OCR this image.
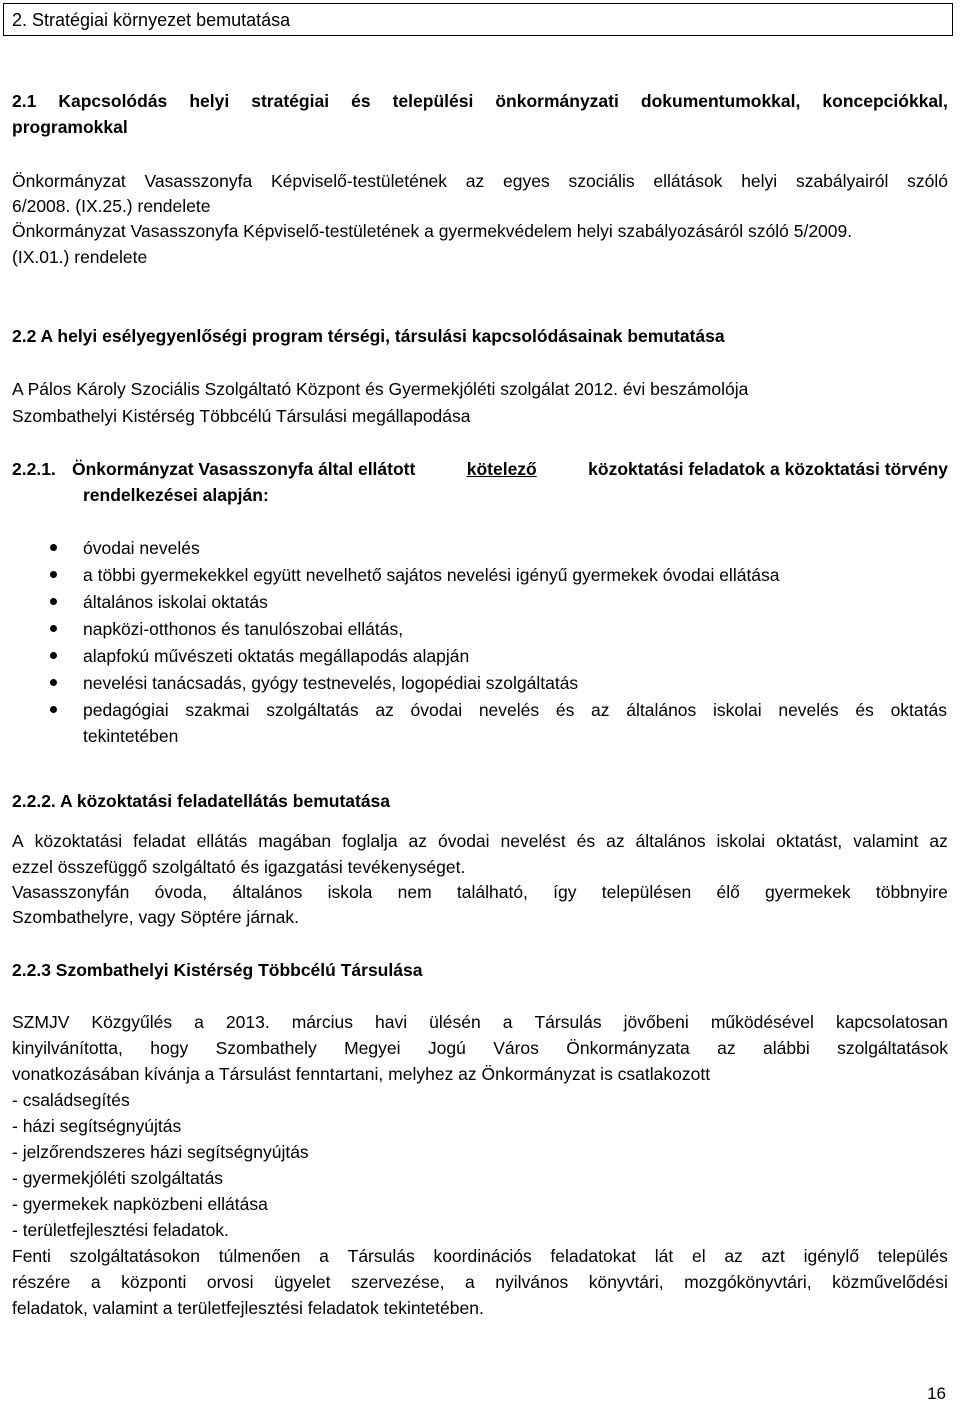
2. Stratégiai környezet bemutatása
2.1 Kapcsolódás helyi stratégiai és települési önkormányzati dokumentumokkal, koncepciókkal,
programokkal
Önkormányzat Vasasszonyfa Képviselő-testületének az egyes szociális ellátások helyi szabályairól szóló
6/2008. (IX.25.) rendelete
Önkormányzat Vasasszonyfa Képviselő-testületének a gyermekvédelem helyi szabályozásáról szóló 5/2009.
(IX.01.) rendelete
2.2 A helyi esélyegyenlőségi program térségi, társulási kapcsolódásainak bemutatása
A Pálos Károly Szociális Szolgáltató Központ és Gyermekjóléti szolgálat 2012. évi beszámolója
Szombathelyi Kistérség Többcélú Társulási megállapodása
2.2.1. Önkormányzat Vasasszonyfa által ellátott	kötelező	közoktatási feladatok a közoktatási törvény
rendelkezései alapján:
óvodai nevelés
a többi gyermekekkel együtt nevelhető sajátos nevelési igényű gyermekek óvodai ellátása
általános iskolai oktatás
napközi-otthonos és tanulószobai ellátás,
alapfokú művészeti oktatás megállapodás alapján
nevelési tanácsadás, gyógy testnevelés, logopédiai szolgáltatás
pedagógiai szakmai szolgáltatás az óvodai nevelés és az általános iskolai nevelés és oktatás
tekintetében
2.2.2. A közoktatási feladatellátás bemutatása
A közoktatási feladat ellátás magában foglalja az óvodai nevelést és az általános iskolai oktatást, valamint az
ezzel összefüggő szolgáltató és igazgatási tevékenységet.
Vasasszonyfán óvoda, általános iskola nem található, így településen élő gyermekek többnyire
Szombathelyre, vagy Söptére járnak.
2.2.3 Szombathelyi Kistérség Többcélú Társulása
SZMJV Közgyűlés a 2013. március havi ülésén a Társulás jövőbeni működésével kapcsolatosan
kinyilvánította, hogy Szombathely Megyei Jogú Város Önkormányzata az alábbi szolgáltatások
vonatkozásában kívánja a Társulást fenntartani, melyhez az Önkormányzat is csatlakozott
- családsegítés
- házi segítségnyújtás
- jelzőrendszeres házi segítségnyújtás
- gyermekjóléti szolgáltatás
- gyermekek napközbeni ellátása
- területfejlesztési feladatok.
Fenti szolgáltatásokon túlmenően a Társulás koordinációs feladatokat lát el az azt igénylő település
részére a központi orvosi ügyelet szervezése, a nyilvános könyvtári, mozgókönyvtári, közművelődési
feladatok, valamint a területfejlesztési feladatok tekintetében.
16
